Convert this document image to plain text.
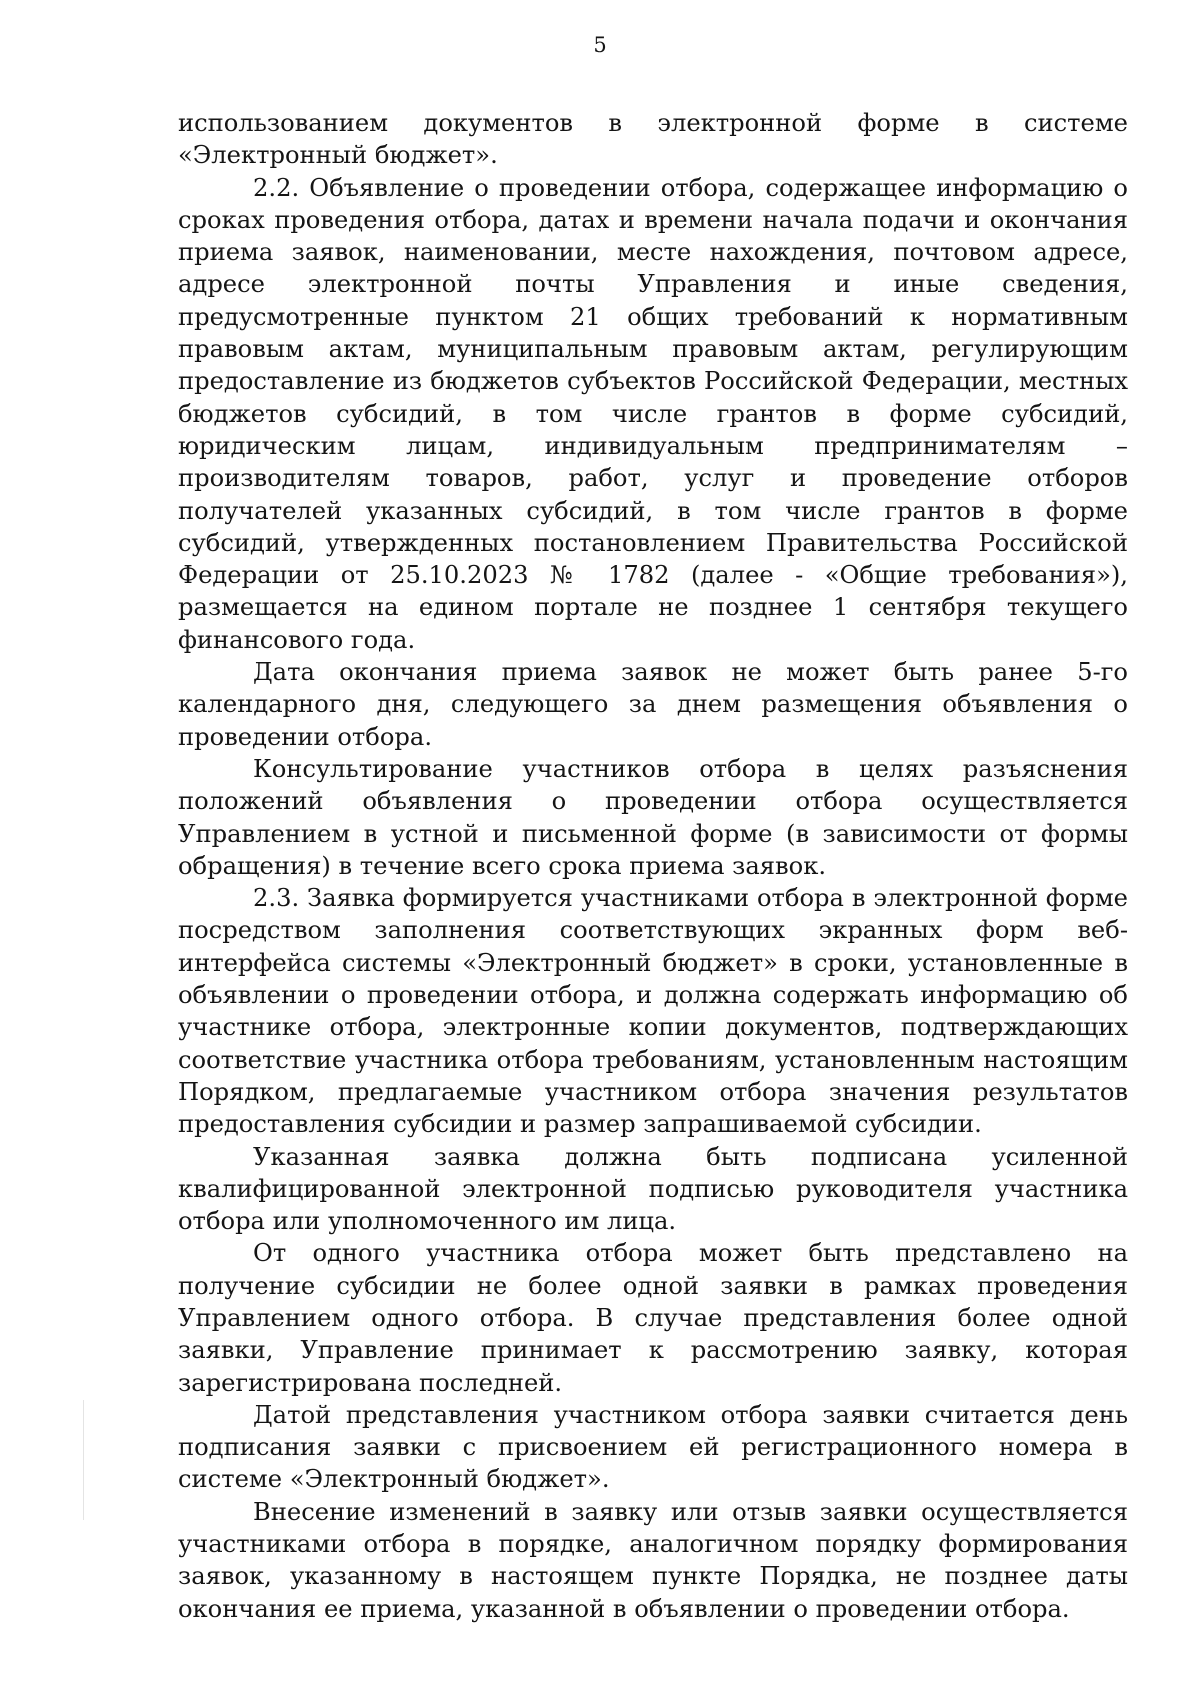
5

использованием документов в электронной форме в системе «Электронный бюджет».

2.2. Объявление о проведении отбора, содержащее информацию о сроках проведения отбора, датах и времени начала подачи и окончания приема заявок, наименовании, месте нахождения, почтовом адресе, адресе электронной почты Управления и иные сведения, предусмотренные пунктом 21 общих требований к нормативным правовым актам, муниципальным правовым актам, регулирующим предоставление из бюджетов субъектов Российской Федерации, местных бюджетов субсидий, в том числе грантов в форме субсидий, юридическим лицам, индивидуальным предпринимателям – производителям товаров, работ, услуг и проведение отборов получателей указанных субсидий, в том числе грантов в форме субсидий, утвержденных постановлением Правительства Российской Федерации от 25.10.2023 № 1782 (далее - «Общие требования»), размещается на едином портале не позднее 1 сентября текущего финансового года.

Дата окончания приема заявок не может быть ранее 5-го календарного дня, следующего за днем размещения объявления о проведении отбора.

Консультирование участников отбора в целях разъяснения положений объявления о проведении отбора осуществляется Управлением в устной и письменной форме (в зависимости от формы обращения) в течение всего срока приема заявок.

2.3. Заявка формируется участниками отбора в электронной форме посредством заполнения соответствующих экранных форм веб-интерфейса системы «Электронный бюджет» в сроки, установленные в объявлении о проведении отбора, и должна содержать информацию об участнике отбора, электронные копии документов, подтверждающих соответствие участника отбора требованиям, установленным настоящим Порядком, предлагаемые участником отбора значения результатов предоставления субсидии и размер запрашиваемой субсидии.

Указанная заявка должна быть подписана усиленной квалифицированной электронной подписью руководителя участника отбора или уполномоченного им лица.

От одного участника отбора может быть представлено на получение субсидии не более одной заявки в рамках проведения Управлением одного отбора. В случае представления более одной заявки, Управление принимает к рассмотрению заявку, которая зарегистрирована последней.

Датой представления участником отбора заявки считается день подписания заявки с присвоением ей регистрационного номера в системе «Электронный бюджет».

Внесение изменений в заявку или отзыв заявки осуществляется участниками отбора в порядке, аналогичном порядку формирования заявок, указанному в настоящем пункте Порядка, не позднее даты окончания ее приема, указанной в объявлении о проведении отбора.
